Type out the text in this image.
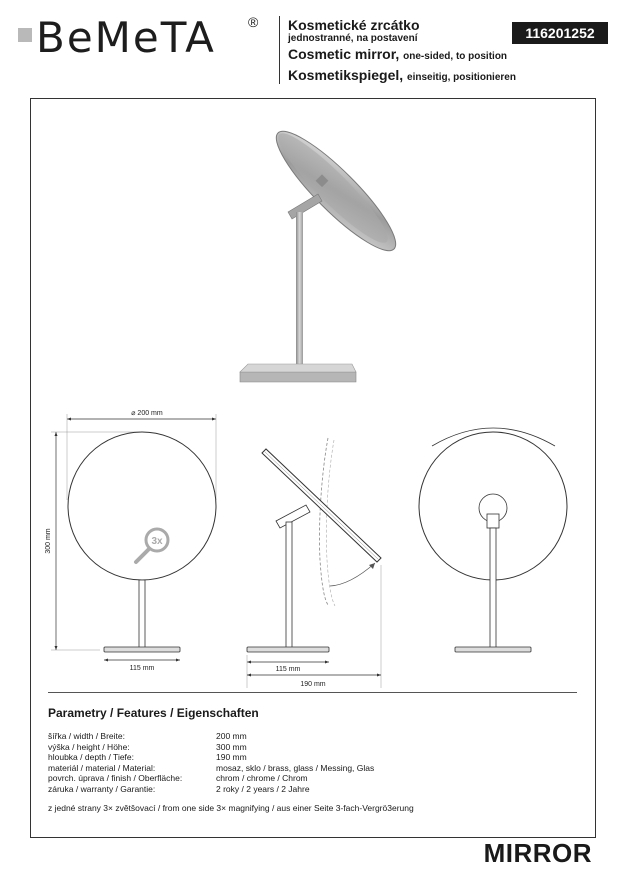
BeMeTA ® Kosmetické zrcátko
jednostranné, na postavení
Cosmetic mirror, one-sided, to position
Kosmetikspiegel, einseitig, positionieren
116201252
⌀ 200 mm
300 mm	3x
115 mm	115 mm
190 mm
Parametry / Features / Eigenschaften
šířka / width / Breite:	200 mm
výška / height / Höhe:	300 mm
hloubka / depth / Tiefe:	190 mm
materiál / material / Material:	mosaz, sklo / brass, glass / Messing, Glas
povrch. úprava / finish / Oberfläche:	chrom / chrome / Chrom
záruka / warranty / Garantie:	2 roky / 2 years / 2 Jahre
z jedné strany 3× zvětšovací / from one side 3× magnifying / aus einer Seite 3-fach-Vergrö3erung
MIRROR
